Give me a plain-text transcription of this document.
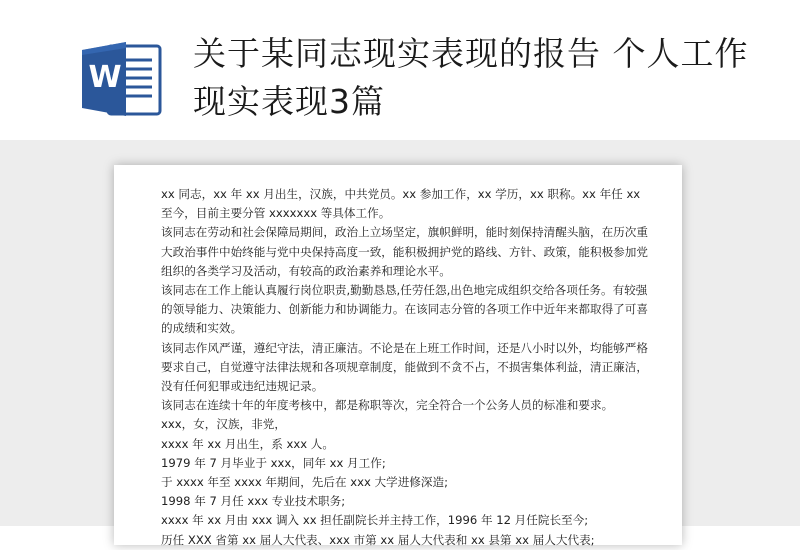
W
关于某同志现实表现的报告 个人工作现实表现3篇

xx 同志，xx 年 xx 月出生，汉族，中共党员。xx 参加工作，xx 学历，xx 职称。xx 年任 xx 至今，目前主要分管 xxxxxxx 等具体工作。

该同志在劳动和社会保障局期间，政治上立场坚定，旗帜鲜明，能时刻保持清醒头脑，在历次重大政治事件中始终能与党中央保持高度一致，能积极拥护党的路线、方针、政策，能积极参加党组织的各类学习及活动，有较高的政治素养和理论水平。

该同志在工作上能认真履行岗位职责,勤勤恳恳,任劳任怨,出色地完成组织交给各项任务。有较强的领导能力、决策能力、创新能力和协调能力。在该同志分管的各项工作中近年来都取得了可喜的成绩和实效。

该同志作风严谨，遵纪守法，清正廉洁。不论是在上班工作时间，还是八小时以外，均能够严格要求自己，自觉遵守法律法规和各项规章制度，能做到不贪不占，不损害集体利益，清正廉洁，没有任何犯罪或违纪违规记录。

该同志在连续十年的年度考核中，都是称职等次，完全符合一个公务人员的标准和要求。

xxx，女，汉族，非党，

xxxx 年 xx 月出生，系 xxx 人。

1979 年 7 月毕业于 xxx，同年 xx 月工作;

于 xxxx 年至 xxxx 年期间，先后在 xxx 大学进修深造;

1998 年 7 月任 xxx 专业技术职务;

xxxx 年 xx 月由 xxx 调入 xx 担任副院长并主持工作，1996 年 12 月任院长至今;

历任 XXX 省第 xx 届人大代表、xxx 市第 xx 届人大代表和 xx 县第 xx 届人大代表;
